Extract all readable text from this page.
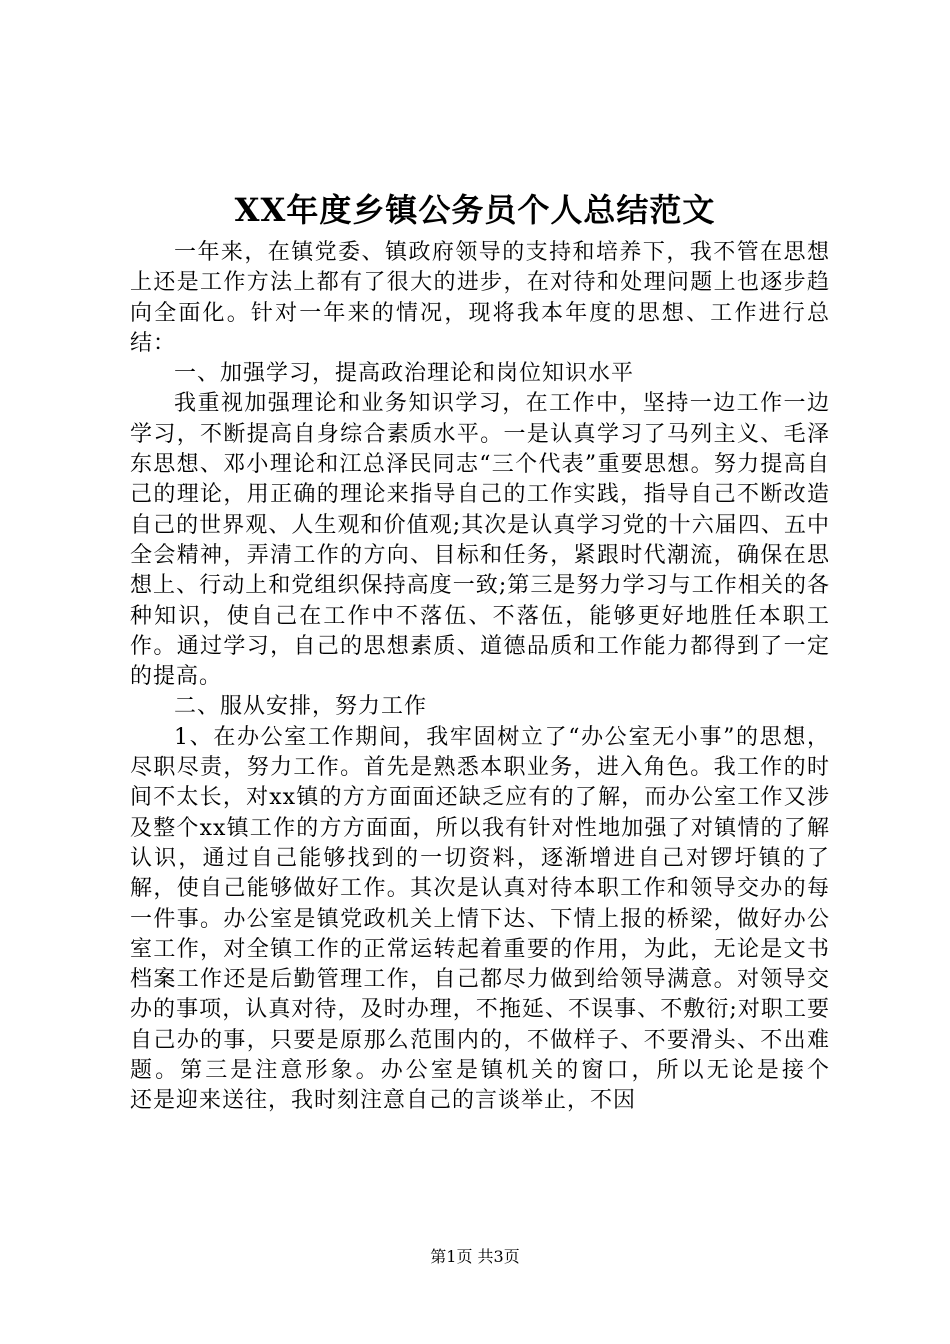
XX年度乡镇公务员个人总结范文

一年来，在镇党委、镇政府领导的支持和培养下，我不管在思想上还是工作方法上都有了很大的进步，在对待和处理问题上也逐步趋向全面化。针对一年来的情况，现将我本年度的思想、工作进行总结：

一、加强学习，提高政治理论和岗位知识水平

我重视加强理论和业务知识学习，在工作中，坚持一边工作一边学习，不断提高自身综合素质水平。一是认真学习了马列主义、毛泽东思想、邓小理论和江总泽民同志“三个代表”重要思想。努力提高自己的理论，用正确的理论来指导自己的工作实践，指导自己不断改造自己的世界观、人生观和价值观;其次是认真学习党的十六届四、五中全会精神，弄清工作的方向、目标和任务，紧跟时代潮流，确保在思想上、行动上和党组织保持高度一致;第三是努力学习与工作相关的各种知识，使自己在工作中不落伍、不落伍，能够更好地胜任本职工作。通过学习，自己的思想素质、道德品质和工作能力都得到了一定的提高。

二、服从安排，努力工作

1、在办公室工作期间，我牢固树立了“办公室无小事”的思想，尽职尽责，努力工作。首先是熟悉本职业务，进入角色。我工作的时间不太长，对xx镇的方方面面还缺乏应有的了解，而办公室工作又涉及整个xx镇工作的方方面面，所以我有针对性地加强了对镇情的了解认识，通过自己能够找到的一切资料，逐渐增进自己对锣圩镇的了解，使自己能够做好工作。其次是认真对待本职工作和领导交办的每一件事。办公室是镇党政机关上情下达、下情上报的桥梁，做好办公室工作，对全镇工作的正常运转起着重要的作用，为此，无论是文书档案工作还是后勤管理工作，自己都尽力做到给领导满意。对领导交办的事项，认真对待，及时办理，不拖延、不误事、不敷衍;对职工要自己办的事，只要是原那么范围内的，不做样子、不要滑头、不出难题。第三是注意形象。办公室是镇机关的窗口，所以无论是接个　　还是迎来送往，我时刻注意自己的言谈举止，不因

第1页 共3页
